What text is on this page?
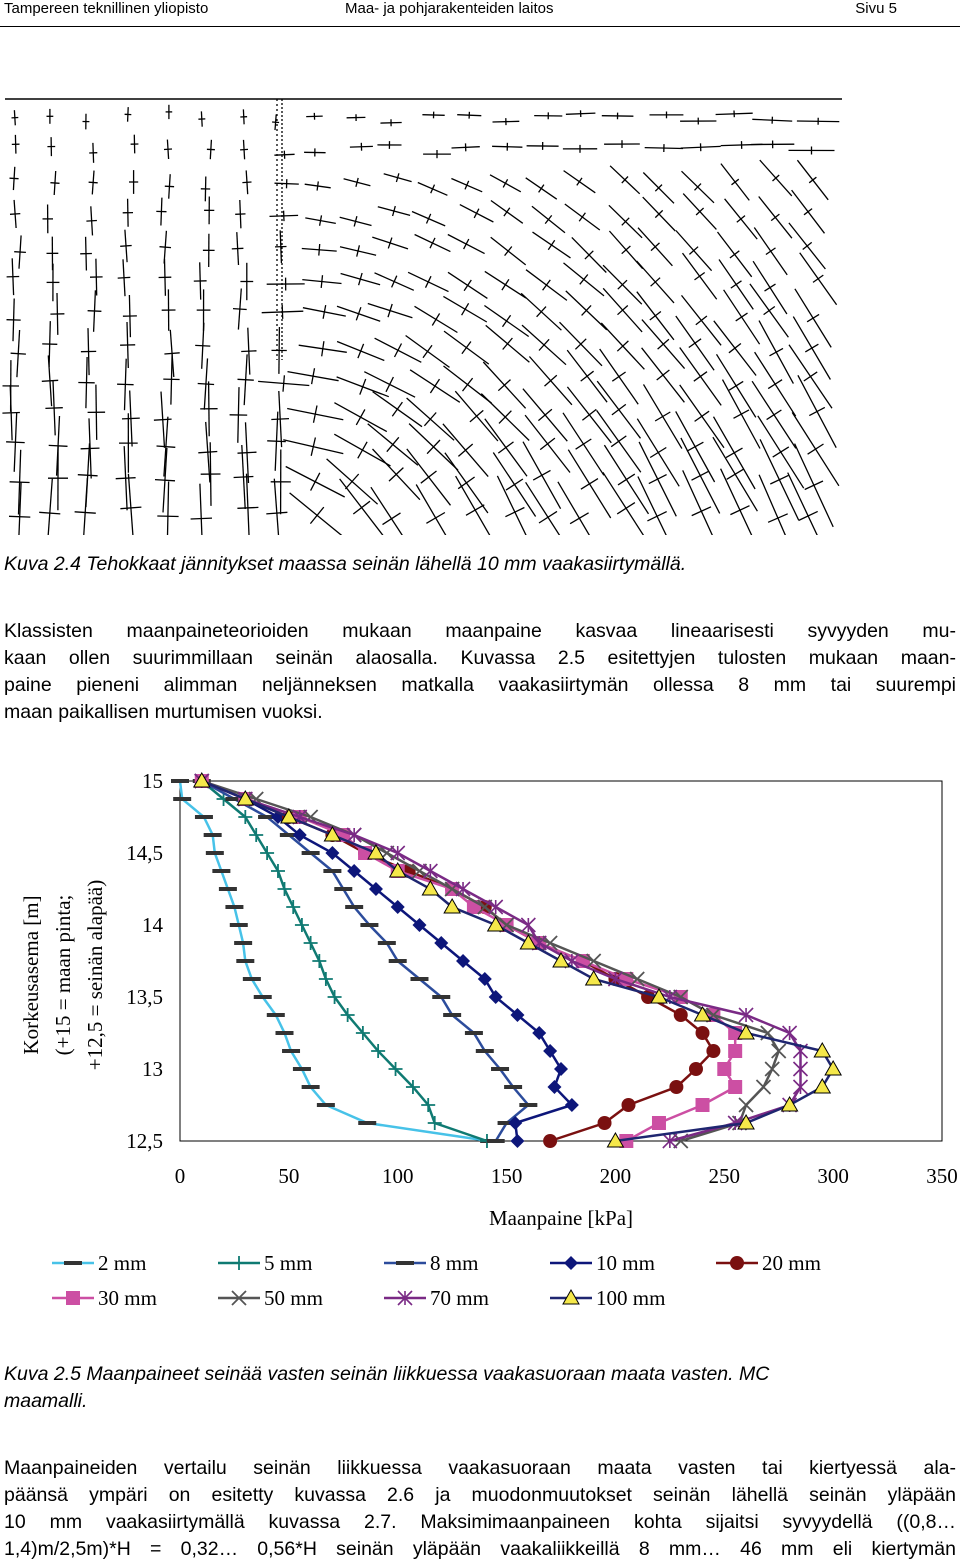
Tampereen teknillinen yliopisto	Maa- ja pohjarakenteiden laitos	Sivu 5
Kuva 2.4 Tehokkaat jännitykset maassa seinän lähellä 10 mm vaakasiirtymällä.
Klassisten maanpaineteorioiden mukaan maanpaine kasvaa lineaarisesti syvyyden mu-
kaan ollen suurimmillaan seinän alaosalla. Kuvassa 2.5 esitettyjen tulosten mukaan maan-
paine pieneni alimman neljänneksen matkalla vaakasiirtymän ollessa 8 mm tai suurempi
maan paikallisen murtumisen vuoksi.
15
14,5
14
13,5
13
12,5
0	50	100	150	200	250	300	350
Maanpaine [kPa]
Korkeusasema [m] (+15 = maan pinta; +12,5 = seinän alapää)
2 mm	5 mm	8 mm	10 mm	20 mm
30 mm	50 mm	70 mm	100 mm
Kuva 2.5 Maanpaineet seinää vasten seinän liikkuessa vaakasuoraan maata vasten. MC
maamalli.
Maanpaineiden vertailu seinän liikkuessa vaakasuoraan maata vasten tai kiertyessä ala-
päänsä ympäri on esitetty kuvassa 2.6 ja muodonmuutokset seinän lähellä seinän yläpään
10 mm vaakasiirtymällä kuvassa 2.7. Maksimimaanpaineen kohta sijaitsi syvyydellä ((0,8…
1,4)m/2,5m)*H = 0,32… 0,56*H seinän yläpään vaakaliikkeillä 8 mm… 46 mm eli kiertymän
